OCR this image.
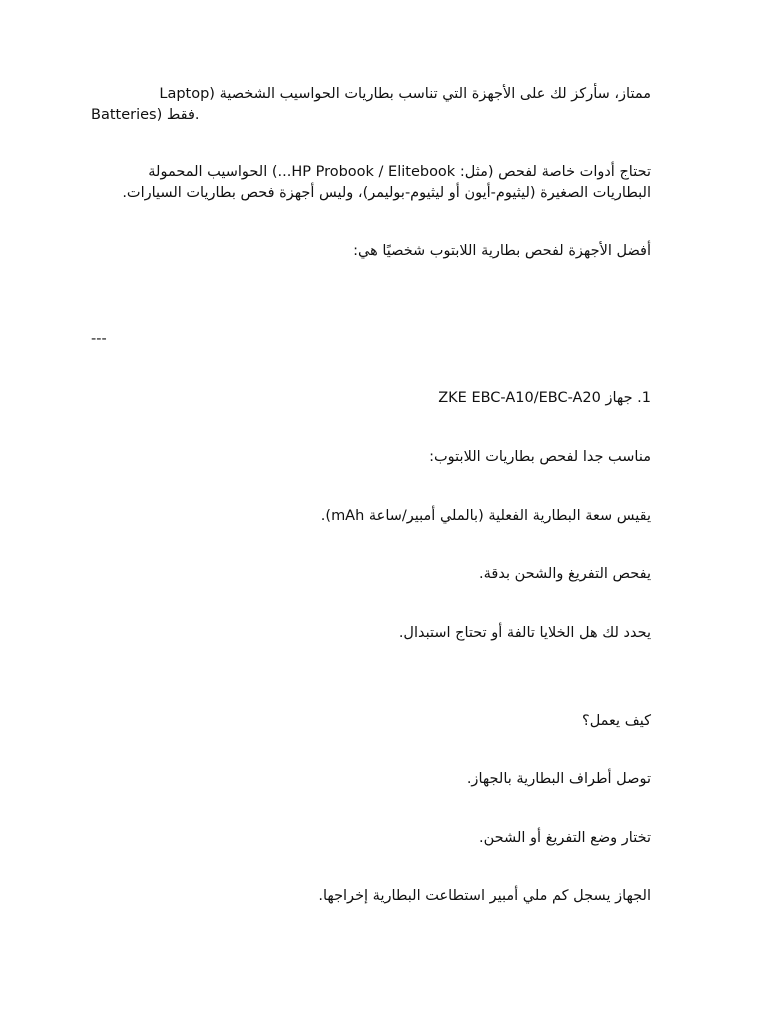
ممتاز، سأركز لك على الأجهزة التي تناسب بطاريات الحواسيب الشخصية (Laptop
Batteries) فقط.
تحتاج أدوات خاصة لفحص (مثل: HP Probook / Elitebook...) الحواسيب المحمولة
البطاريات الصغيرة (ليثيوم-أيون أو ليثيوم-بوليمر)، وليس أجهزة فحص بطاريات السيارات.
أفضل الأجهزة لفحص بطارية اللابتوب شخصيًا هي:
---
1. جهاز ZKE EBC-A10/EBC-A20
مناسب جدا لفحص بطاريات اللابتوب:
يقيس سعة البطارية الفعلية (بالملي أمبير/ساعة mAh).
يفحص التفريغ والشحن بدقة.
يحدد لك هل الخلايا تالفة أو تحتاج استبدال.
كيف يعمل؟
توصل أطراف البطارية بالجهاز.
تختار وضع التفريغ أو الشحن.
الجهاز يسجل كم ملي أمبير استطاعت البطارية إخراجها.
